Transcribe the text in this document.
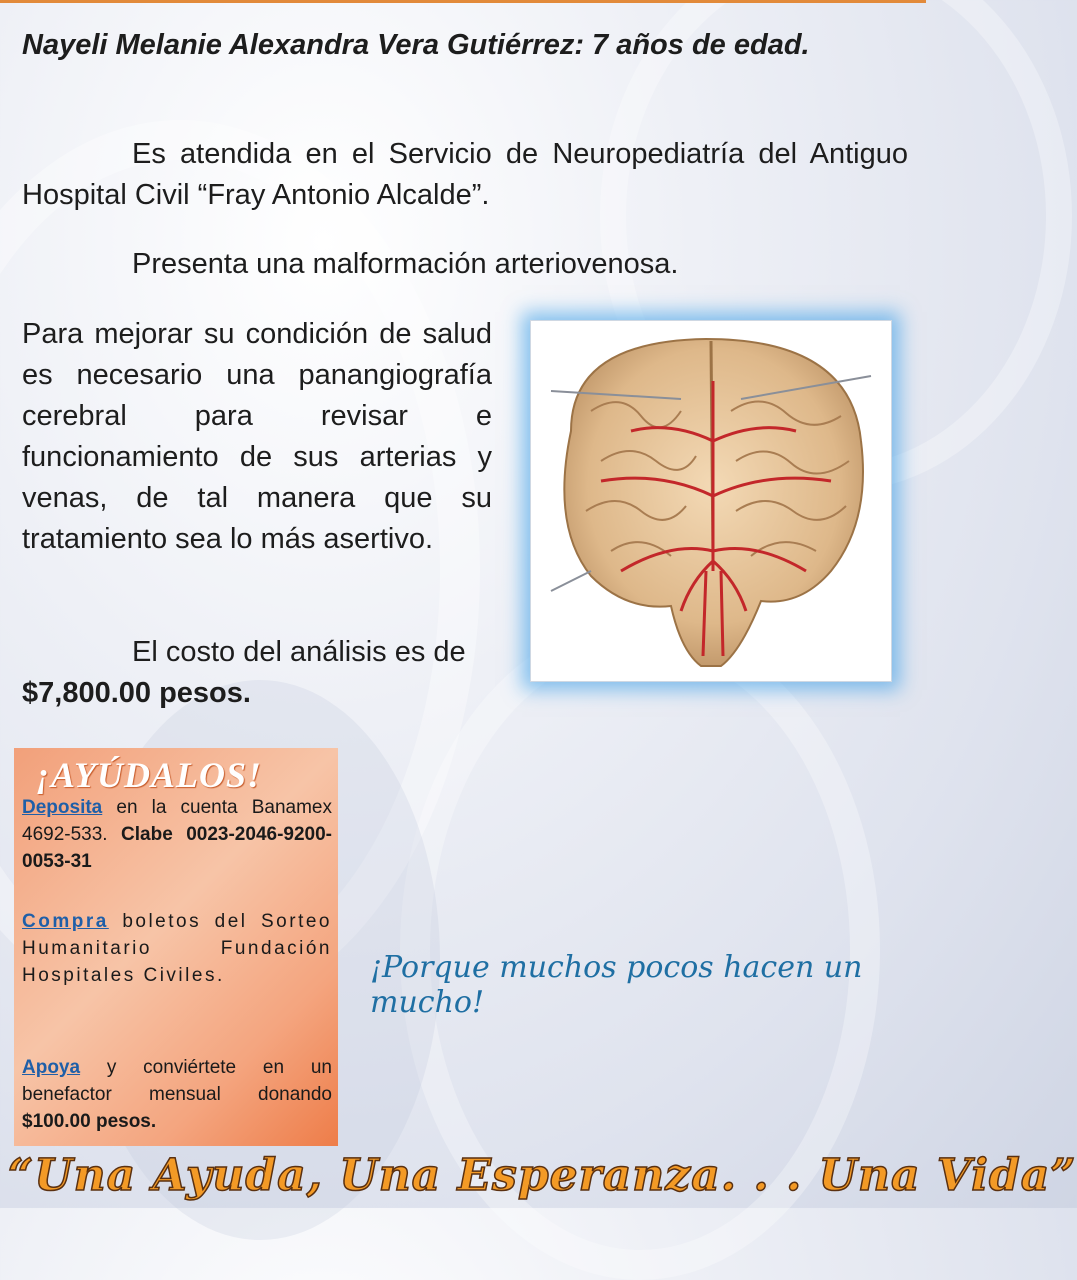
Nayeli Melanie Alexandra Vera Gutiérrez: 7 años de edad.

Es atendida en el Servicio de Neuropediatría del Antiguo Hospital Civil “Fray Antonio Alcalde”.

Presenta una malformación arteriovenosa.

Para mejorar su condición de salud es necesario una panangiografía cerebral para revisar e funcionamiento de sus arterias y venas, de tal manera que su tratamiento sea lo más asertivo.

El costo del análisis es de $7,800.00 pesos.

¡AYÚDALOS!

Deposita en la cuenta Banamex 4692-533. Clabe 0023-2046-9200-0053-31

Compra boletos del Sorteo Humanitario Fundación Hospitales Civiles.

Apoya y conviértete en un benefactor mensual donando $100.00 pesos.

¡Porque muchos pocos hacen un mucho!

“Una Ayuda, Una Esperanza. . . Una Vida”
